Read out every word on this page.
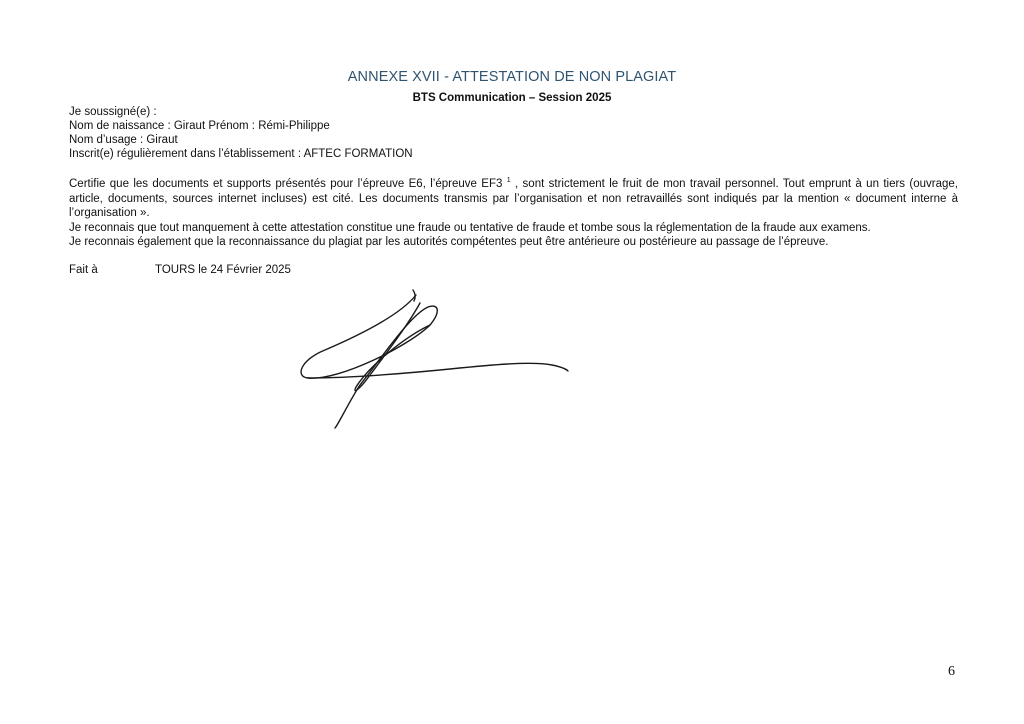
ANNEXE XVII - ATTESTATION DE NON PLAGIAT
BTS Communication – Session 2025
Je soussigné(e) :
Nom de naissance : Giraut Prénom : Rémi-Philippe
Nom d’usage : Giraut
Inscrit(e) régulièrement dans l’établissement : AFTEC FORMATION

Certifie que les documents et supports présentés pour l’épreuve E6, l’épreuve EF3 $^1$ , sont strictement le fruit de mon travail personnel. Tout emprunt à un tiers (ouvrage, article, documents, sources internet incluses) est cité. Les documents transmis par l’organisation et non retravaillés sont indiqués par la mention « document interne à l’organisation ».

Je reconnais que tout manquement à cette attestation constitue une fraude ou tentative de fraude et tombe sous la réglementation de la fraude aux examens.

Je reconnais également que la reconnaissance du plagiat par les autorités compétentes peut être antérieure ou postérieure au passage de l’épreuve.

Fait à	TOURS le 24 Février 2025
6
